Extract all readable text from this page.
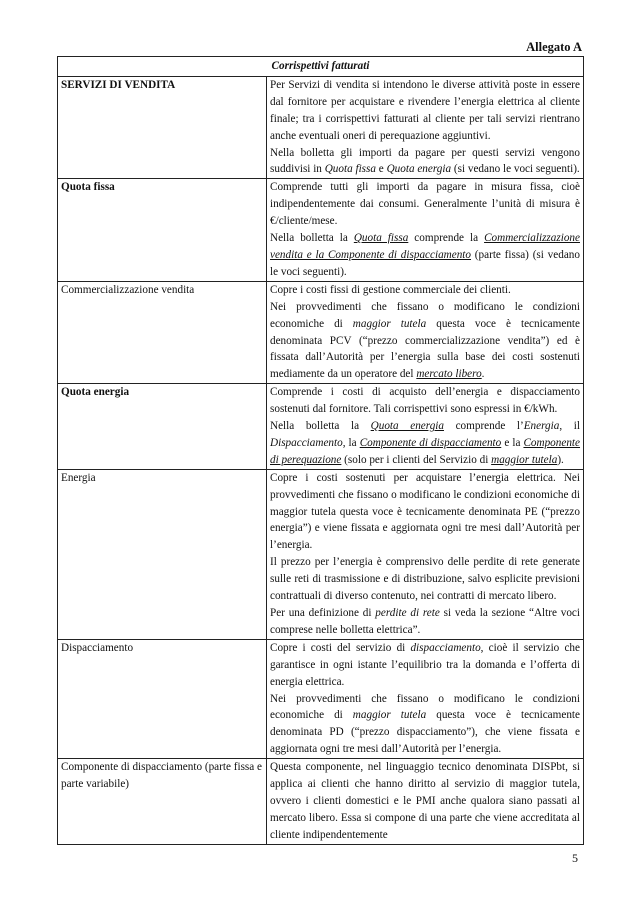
Allegato A
Corrispettivi fatturati	
SERVIZI DI VENDITA	Per Servizi di vendita si intendono le diverse attività poste in essere dal fornitore per acquistare e rivendere l’energia elettrica al cliente finale; tra i corrispettivi fatturati al cliente per tali servizi rientrano anche eventuali oneri di perequazione aggiuntivi.

Nella bolletta gli importi da pagare per questi servizi vengono suddivisi in Quota fissa e Quota energia (si vedano le voci seguenti).

Quota fissa	Comprende tutti gli importi da pagare in misura fissa, cioè indipendentemente dai consumi. Generalmente l’unità di misura è €/cliente/mese.

Nella bolletta la Quota fissa comprende la Commercializzazione vendita e la Componente di dispacciamento (parte fissa) (si vedano le voci seguenti).

Commercializzazione vendita	Copre i costi fissi di gestione commerciale dei clienti.

Nei provvedimenti che fissano o modificano le condizioni economiche di maggior tutela questa voce è tecnicamente denominata PCV (“prezzo commercializzazione vendita”) ed è fissata dall’Autorità per l’energia sulla base dei costi sostenuti mediamente da un operatore del mercato libero.

Quota energia	Comprende i costi di acquisto dell’energia e dispacciamento sostenuti dal fornitore. Tali corrispettivi sono espressi in €/kWh.

Nella bolletta la Quota energia comprende l’Energia, il Dispacciamento, la Componente di dispacciamento e la Componente di perequazione (solo per i clienti del Servizio di maggior tutela).

Energia	Copre i costi sostenuti per acquistare l’energia elettrica. Nei provvedimenti che fissano o modificano le condizioni economiche di maggior tutela questa voce è tecnicamente denominata PE (“prezzo energia”) e viene fissata e aggiornata ogni tre mesi dall’Autorità per l’energia.

Il prezzo per l’energia è comprensivo delle perdite di rete generate sulle reti di trasmissione e di distribuzione, salvo esplicite previsioni contrattuali di diverso contenuto, nei contratti di mercato libero.

Per una definizione di perdite di rete si veda la sezione “Altre voci comprese nelle bolletta elettrica”.

Dispacciamento	Copre i costi del servizio di dispacciamento, cioè il servizio che garantisce in ogni istante l’equilibrio tra la domanda e l’offerta di energia elettrica.

Nei provvedimenti che fissano o modificano le condizioni economiche di maggior tutela questa voce è tecnicamente denominata PD (“prezzo dispacciamento”), che viene fissata e aggiornata ogni tre mesi dall’Autorità per l’energia.

Componente di dispacciamento (parte fissa e parte variabile)	Questa componente, nel linguaggio tecnico denominata DISPbt, si applica ai clienti che hanno diritto al servizio di maggior tutela, ovvero i clienti domestici e le PMI anche qualora siano passati al mercato libero. Essa si compone di una parte che viene accreditata al cliente indipendentemente

5
